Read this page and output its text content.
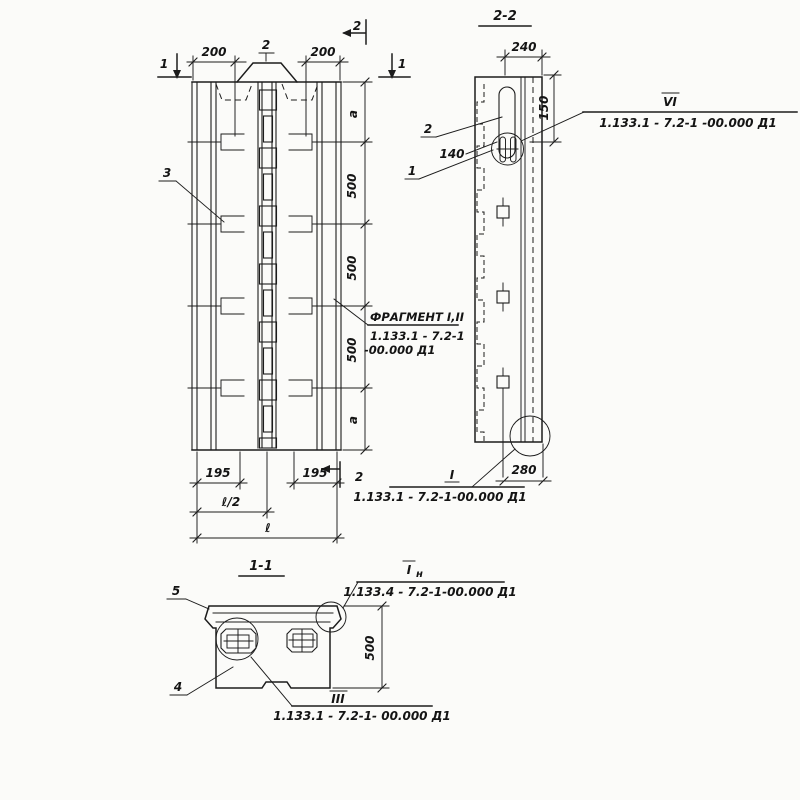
200	200
2
3
1	1
2
2
a
500
500
500
a
195	195
ℓ/2
ℓ
2-2
240
150
140
2
1
VI
1.133.1 - 7.2-1 -00.000 Д1
280
I
1.133.1 - 7.2-1-00.000 Д1
ФРАГМЕНТ I,II
1.133.1 - 7.2-1
-00.000 Д1
1-1
500
5
4
I н
1.133.4 - 7.2-1-00.000 Д1
III
1.133.1 - 7.2-1- 00.000 Д1
